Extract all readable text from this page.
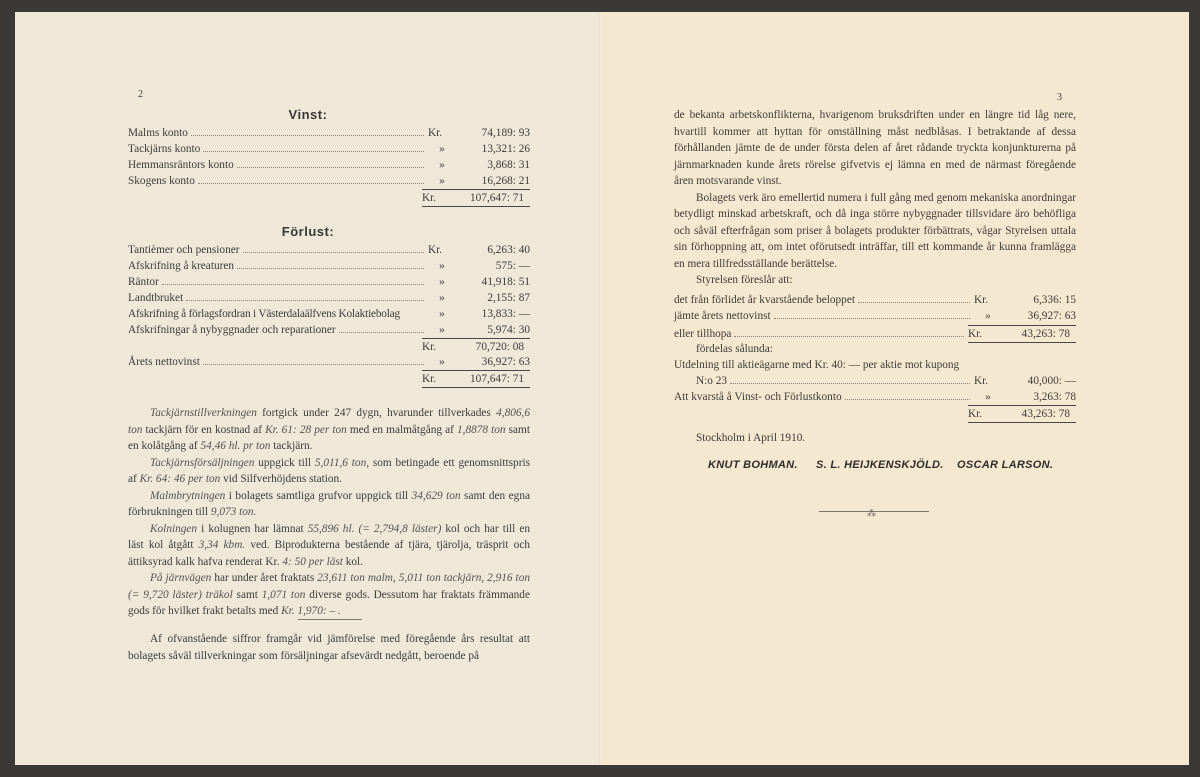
2
Vinst:
Malms konto	Kr.	74,189: 93
Tackjärns konto	»	13,321: 26
Hemmansräntors konto	»	3,868: 31
Skogens konto	»	16,268: 21
Kr.	107,647: 71
Förlust:
Tantièmer och pensioner	Kr.	6,263: 40
Afskrifning å kreaturen	»	575: —
Räntor	»	41,918: 51
Landtbruket	»	2,155: 87
Afskrifning å förlagsfordran i Västerdalaälfvens Kolaktiebolag	»	13,833: —
Afskrifningar å nybyggnader och reparationer	»	5,974: 30
Kr.	70,720: 08
Årets nettovinst	»	36,927: 63
Kr.	107,647: 71

Tackjärnstillverkningen fortgick under 247 dygn, hvarunder tillverkades 4,806,6 ton tackjärn för en kostnad af Kr. 61: 28 per ton med en malmåtgång af 1,8878 ton samt en kolåtgång af 54,46 hl. pr ton tackjärn.

Tackjärnsförsäljningen uppgick till 5,011,6 ton, som betingade ett genomsnittspris af Kr. 64: 46 per ton vid Silfverhöjdens station.

Malmbrytningen i bolagets samtliga grufvor uppgick till 34,629 ton samt den egna förbrukningen till 9,073 ton.

Kolningen i kolugnen har lämnat 55,896 hl. (= 2,794,8 läster) kol och har till en läst kol åtgått 3,34 kbm. ved. Biprodukterna bestående af tjära, tjärolja, träsprit och ättiksyrad kalk hafva renderat Kr. 4: 50 per läst kol.

På järnvägen har under året fraktats 23,611 ton malm, 5,011 ton tackjärn, 2,916 ton (= 9,720 läster) träkol samt 1,071 ton diverse gods. Dessutom har fraktats främmande gods för hvilket frakt betalts med Kr. 1,970: – .

Af ofvanstående siffror framgår vid jämförelse med föregående års resultat att bolagets såväl tillverkningar som försäljningar afsevärdt nedgått, beroende på

3

de bekanta arbetskonflikterna, hvarigenom bruksdriften under en längre tid låg nere, hvartill kommer att hyttan för omställning måst nedblåsas. I betraktande af dessa förhållanden jämte de de under första delen af året rådande tryckta konjunkturerna på järnmarknaden kunde årets rörelse gifvetvis ej lämna en med de närmast föregående åren motsvarande vinst.

Bolagets verk äro emellertid numera i full gång med genom mekaniska anordningar betydligt minskad arbetskraft, och då inga större nybyggnader tillsvidare äro behöfliga och såväl efterfrågan som priser å bolagets produkter förbättrats, vågar Styrelsen uttala sin förhoppning att, om intet oförutsedt inträffar, till ett kommande år kunna framlägga en mera tillfredsställande berättelse.

Styrelsen föreslår att:

det från förlidet år kvarstående beloppet	Kr.	6,336: 15
jämte årets nettovinst	»	36,927: 63
eller tillhopa	Kr.	43,263: 78
fördelas sålunda:
Utdelning till aktieägarne med Kr. 40: — per aktie mot kupong
N:o 23	Kr.	40,000: —
Att kvarstå å Vinst- och Förlustkonto	»	3,263: 78
Kr.	43,263: 78
Stockholm i April 1910.
KNUT BOHMAN. S. L. HEIJKENSKJÖLD. OSCAR LARSON.
⁂
